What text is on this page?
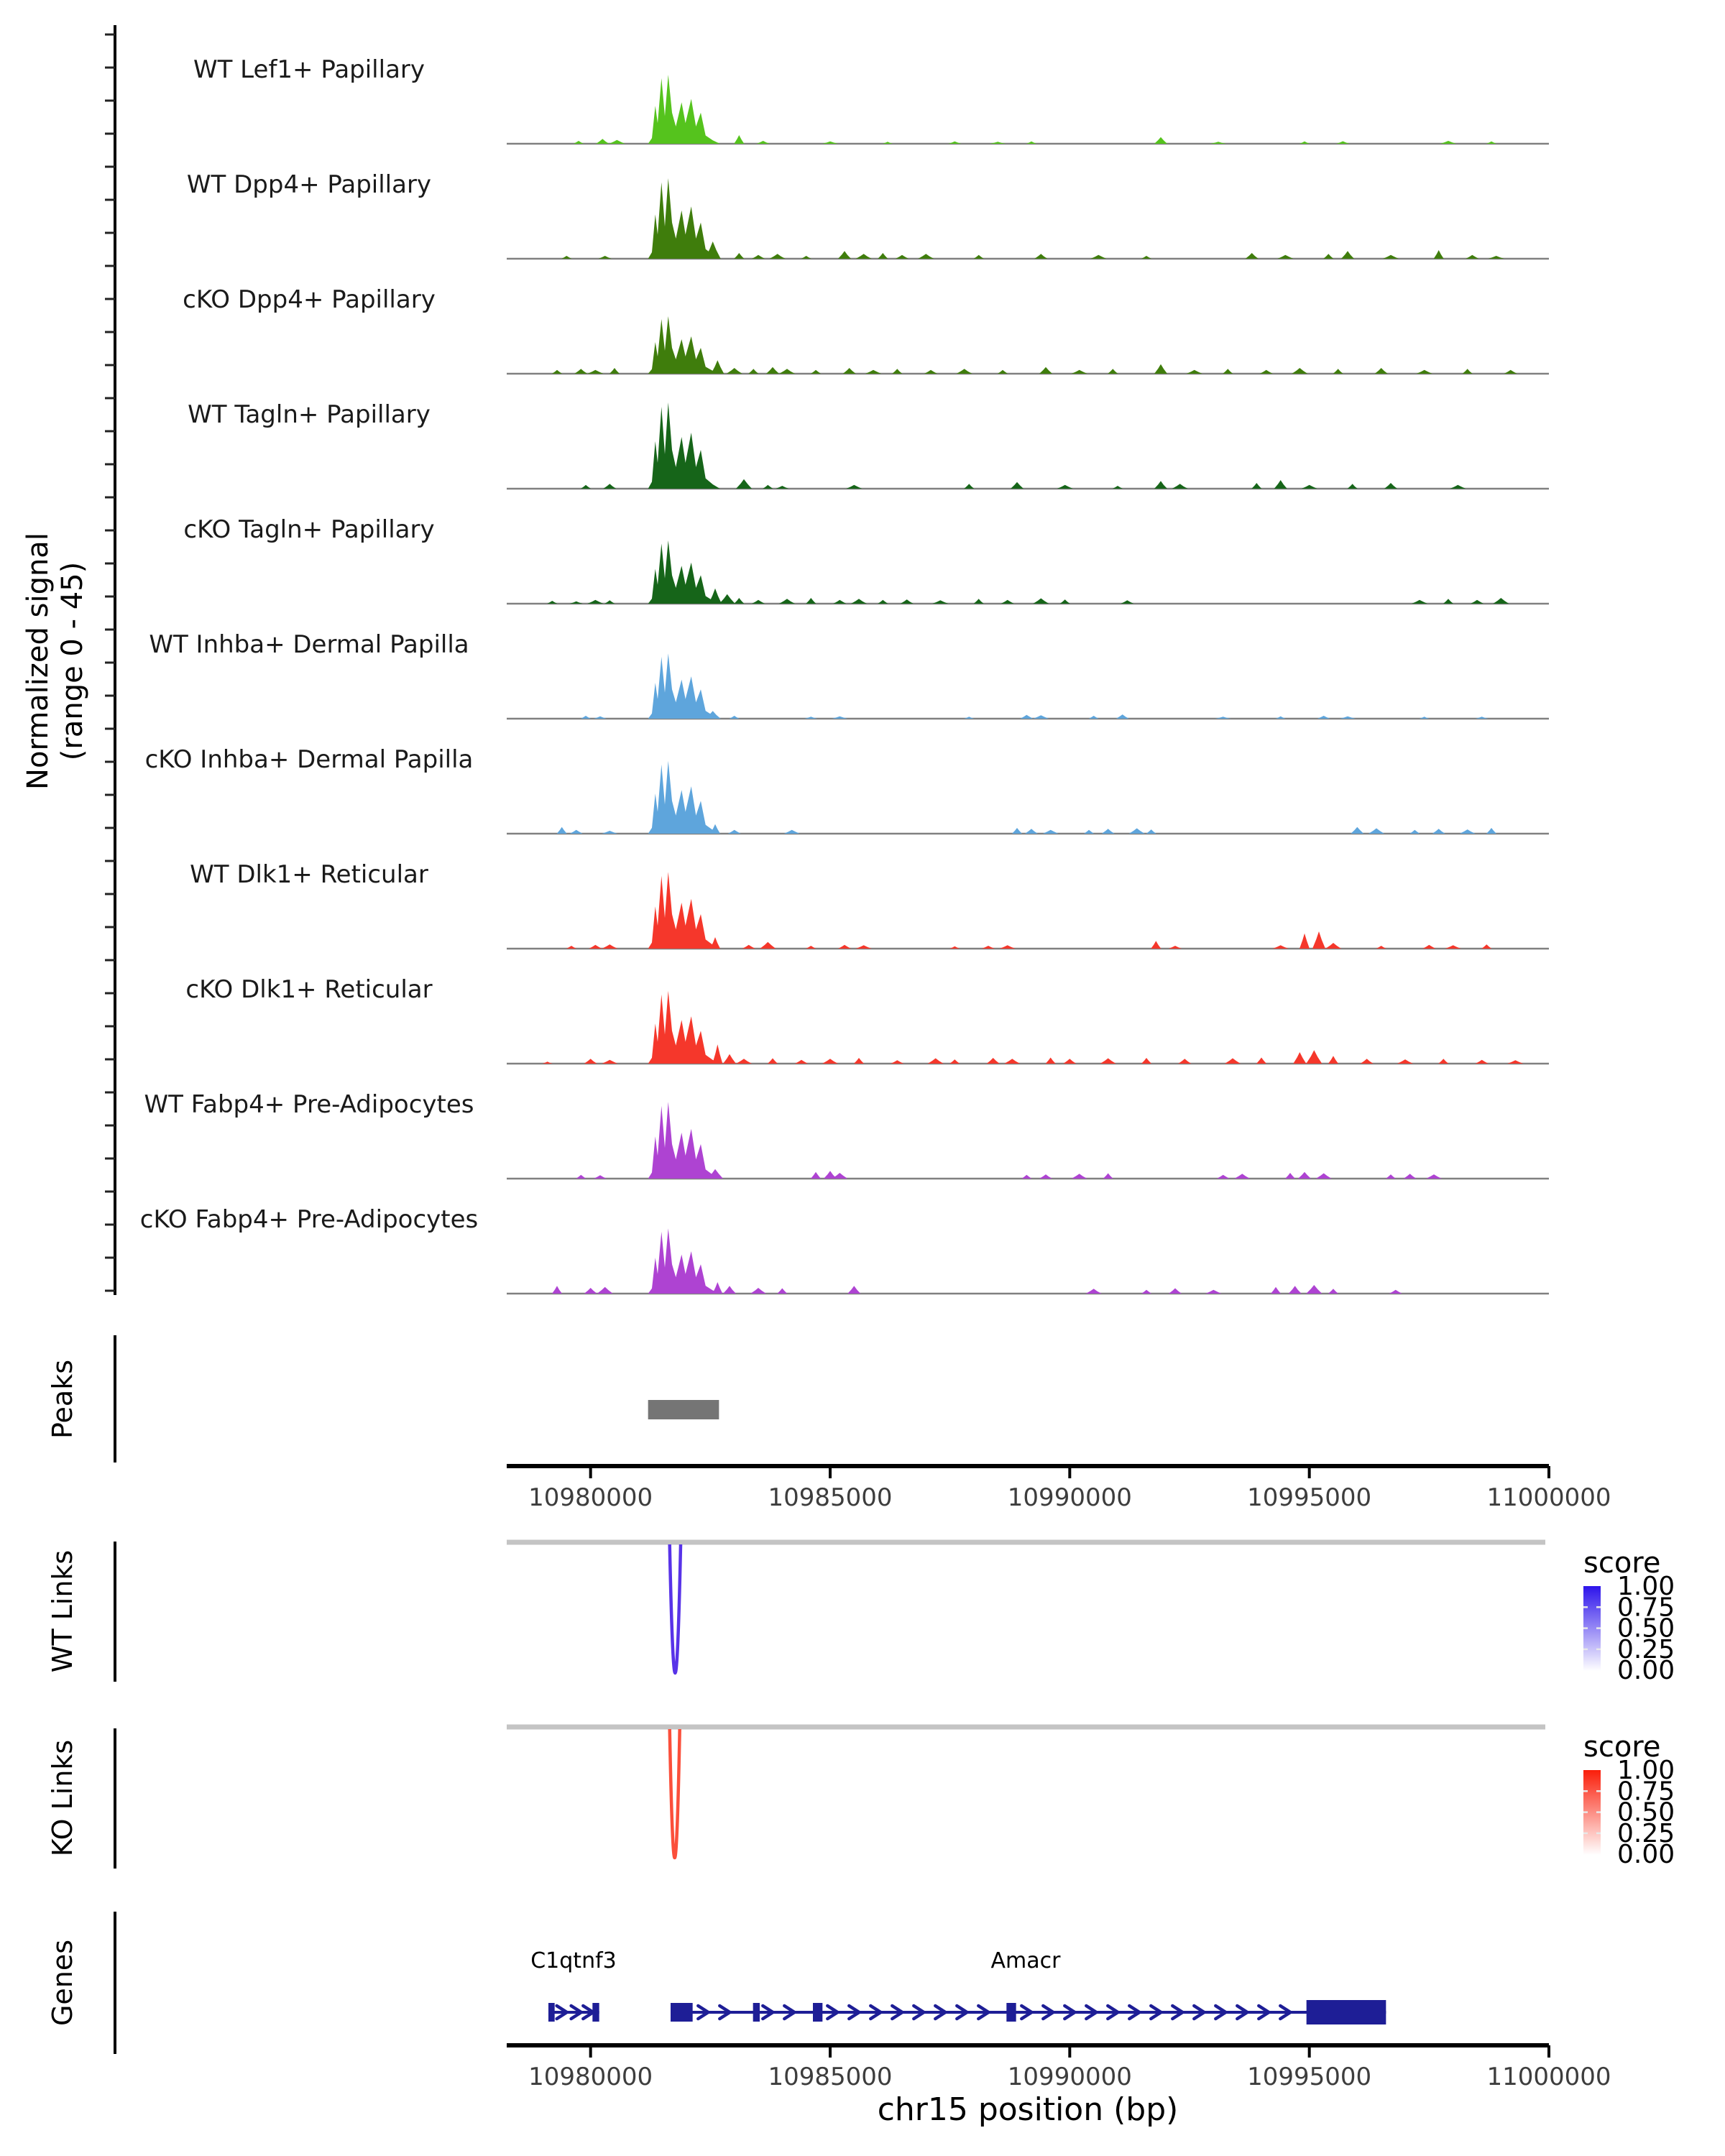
Normalized signal (range 0 - 45)
Peaks
WT Links
KO Links
Genes
score
score
C1qtnf3	Amacr
chr15 position (bp)
WT Lef1+ Papillary
WT Dpp4+ Papillary
cKO Dpp4+ Papillary
WT Tagln+ Papillary
cKO Tagln+ Papillary
WT Inhba+ Dermal Papilla
cKO Inhba+ Dermal Papilla
WT Dlk1+ Reticular
cKO Dlk1+ Reticular
WT Fabp4+ Pre-Adipocytes
cKO Fabp4+ Pre-Adipocytes
10980000	10985000	10990000	10995000	11000000
10980000	10985000	10990000	10995000	11000000
1.00
0.75
0.50
0.25
0.00
1.00
0.75
0.50
0.25
0.00
